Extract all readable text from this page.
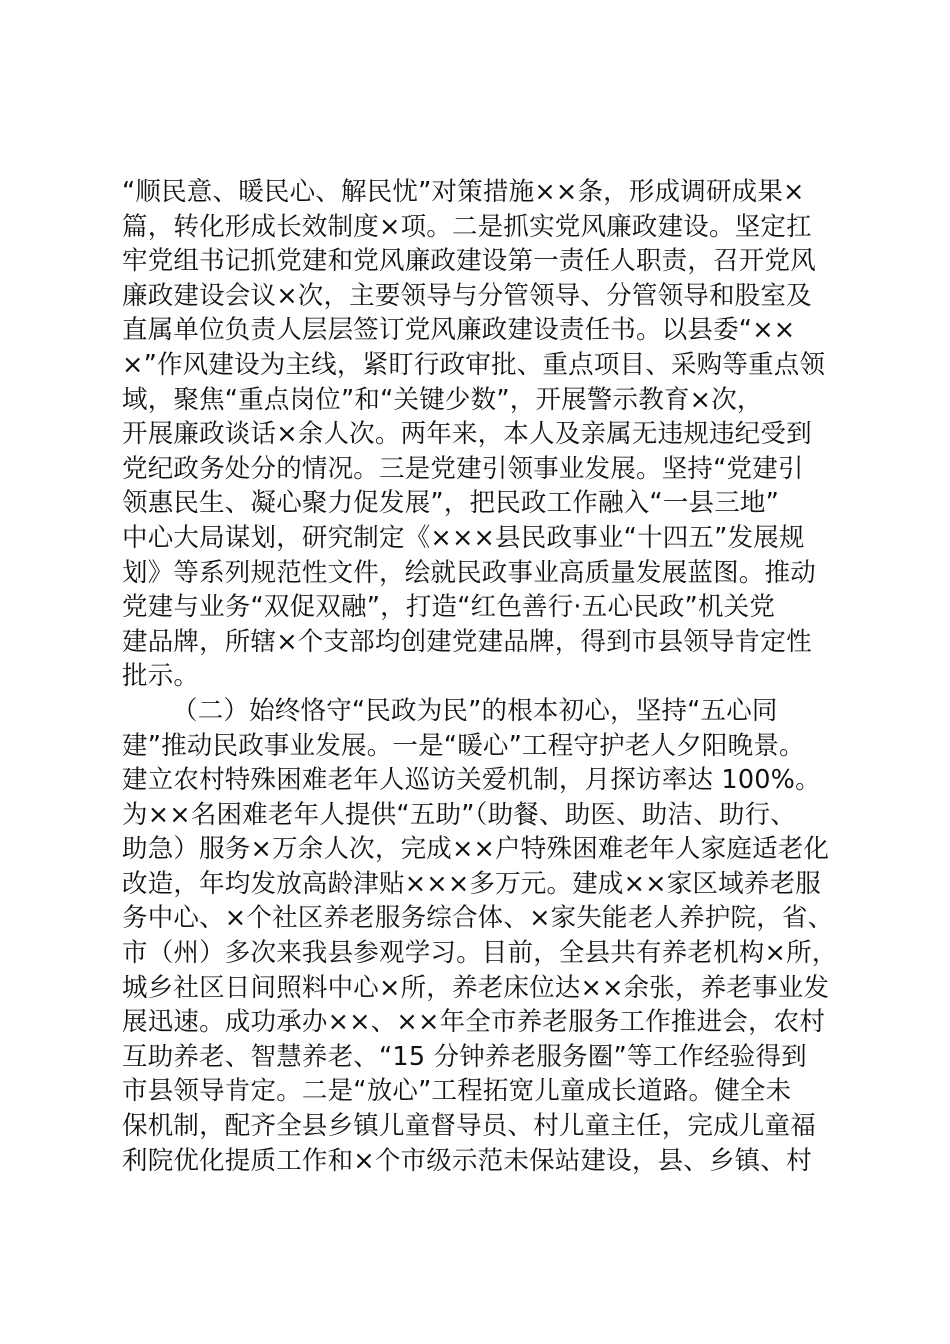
“顺民意、暖民心、解民忧”对策措施××条，形成调研成果×
篇，转化形成长效制度×项。二是抓实党风廉政建设。坚定扛
牢党组书记抓党建和党风廉政建设第一责任人职责，召开党风
廉政建设会议×次，主要领导与分管领导、分管领导和股室及
直属单位负责人层层签订党风廉政建设责任书。以县委“××
×”作风建设为主线，紧盯行政审批、重点项目、采购等重点领
域，聚焦“重点岗位”和“关键少数”，开展警示教育×次，
开展廉政谈话×余人次。两年来，本人及亲属无违规违纪受到
党纪政务处分的情况。三是党建引领事业发展。坚持“党建引
领惠民生、凝心聚力促发展”，把民政工作融入“一县三地”
中心大局谋划，研究制定《×××县民政事业“十四五”发展规
划》等系列规范性文件，绘就民政事业高质量发展蓝图。推动
党建与业务“双促双融”，打造“红色善行·五心民政”机关党
建品牌，所辖×个支部均创建党建品牌，得到市县领导肯定性
批示。
（二）始终恪守“民政为民”的根本初心，坚持“五心同
建”推动民政事业发展。一是“暖心”工程守护老人夕阳晚景。
建立农村特殊困难老年人巡访关爱机制，月探访率达 100%。
为××名困难老年人提供“五助”（助餐、助医、助洁、助行、
助急）服务×万余人次，完成××户特殊困难老年人家庭适老化
改造，年均发放高龄津贴×××多万元。建成××家区域养老服
务中心、×个社区养老服务综合体、×家失能老人养护院，省、
市（州）多次来我县参观学习。目前，全县共有养老机构×所，
城乡社区日间照料中心×所，养老床位达××余张，养老事业发
展迅速。成功承办××、××年全市养老服务工作推进会，农村
互助养老、智慧养老、“15 分钟养老服务圈”等工作经验得到
市县领导肯定。二是“放心”工程拓宽儿童成长道路。健全未
保机制，配齐全县乡镇儿童督导员、村儿童主任，完成儿童福
利院优化提质工作和×个市级示范未保站建设，县、乡镇、村
